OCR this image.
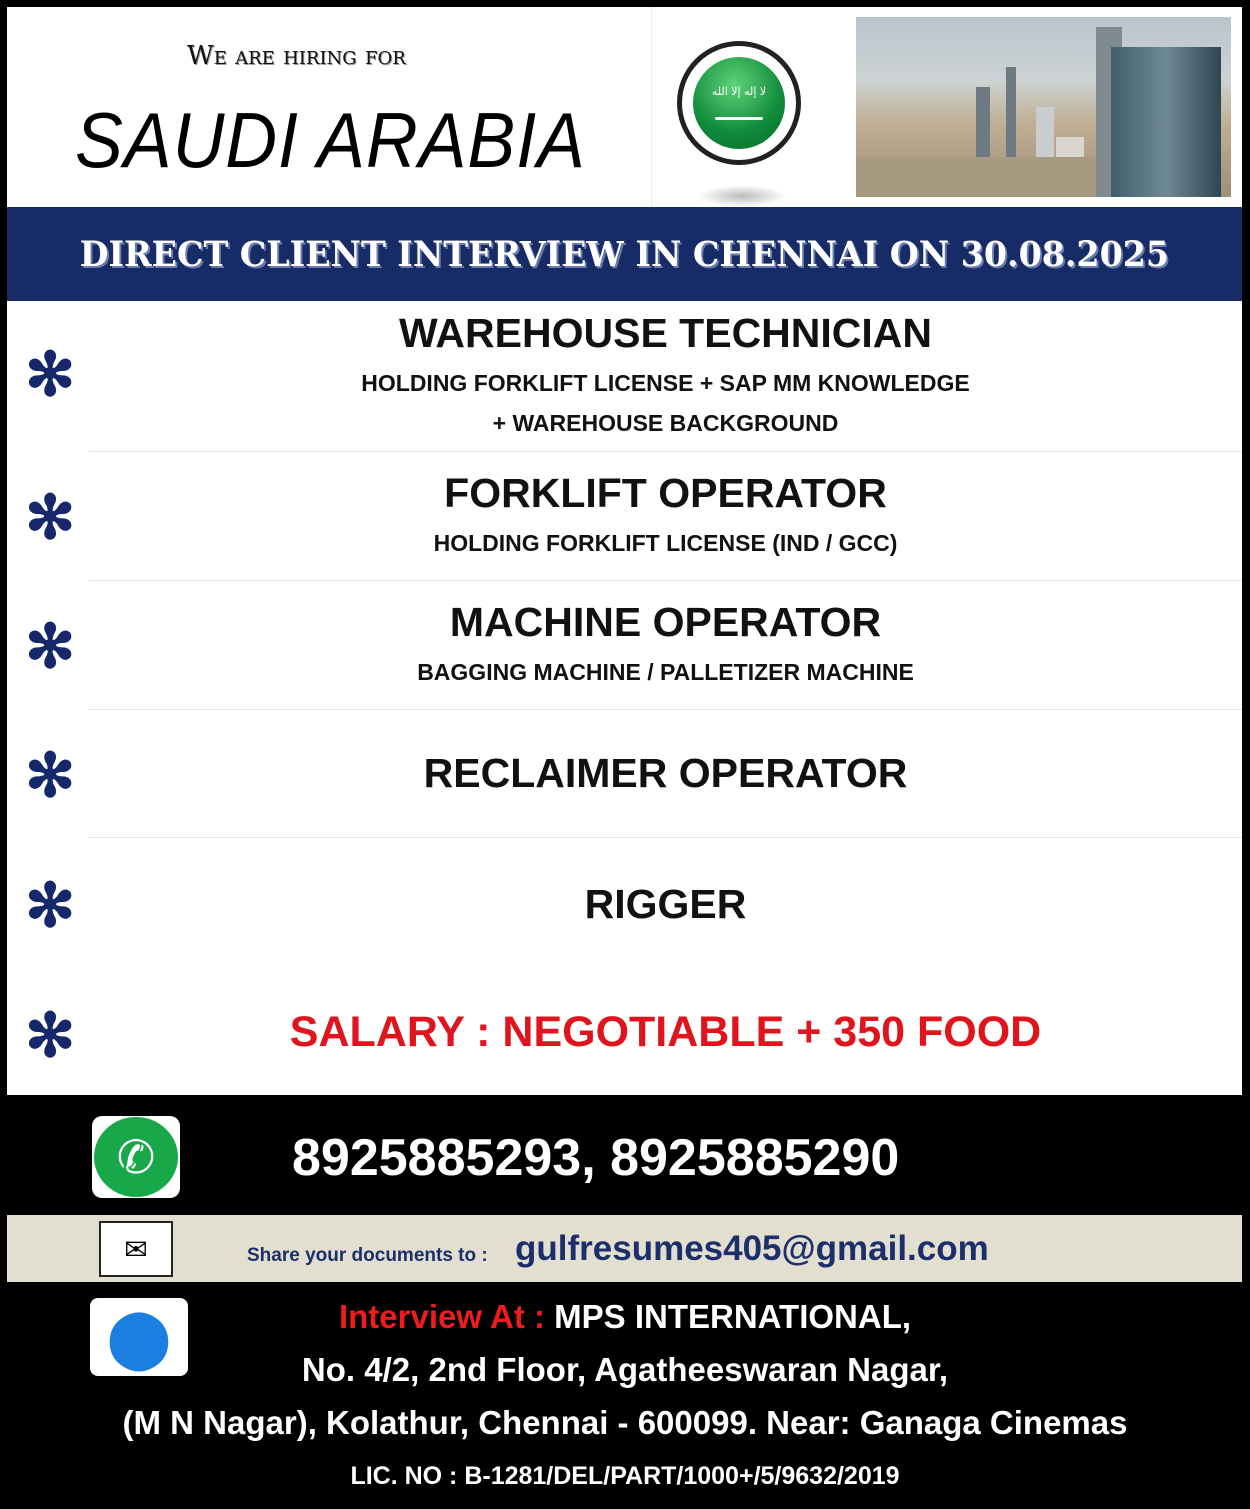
We are hiring for
SAUDI ARABIA
لا إله إلا الله
DIRECT CLIENT INTERVIEW IN CHENNAI ON 30.08.2025
✻
WAREHOUSE TECHNICIAN
HOLDING FORKLIFT LICENSE + SAP MM KNOWLEDGE
+ WAREHOUSE BACKGROUND
✻	FORKLIFT OPERATOR
HOLDING FORKLIFT LICENSE (IND / GCC)
✻	MACHINE OPERATOR
BAGGING MACHINE / PALLETIZER MACHINE
✻	RECLAIMER OPERATOR
✻	RIGGER
✻	SALARY : NEGOTIABLE + 350 FOOD
✆	8925885293, 8925885290
✉	Share your documents to : gulfresumes405@gmail.com
⬤	Interview At : MPS INTERNATIONAL,
No. 4/2, 2nd Floor, Agatheeswaran Nagar,
(M N Nagar), Kolathur, Chennai - 600099. Near: Ganaga Cinemas
LIC. NO : B-1281/DEL/PART/1000+/5/9632/2019
